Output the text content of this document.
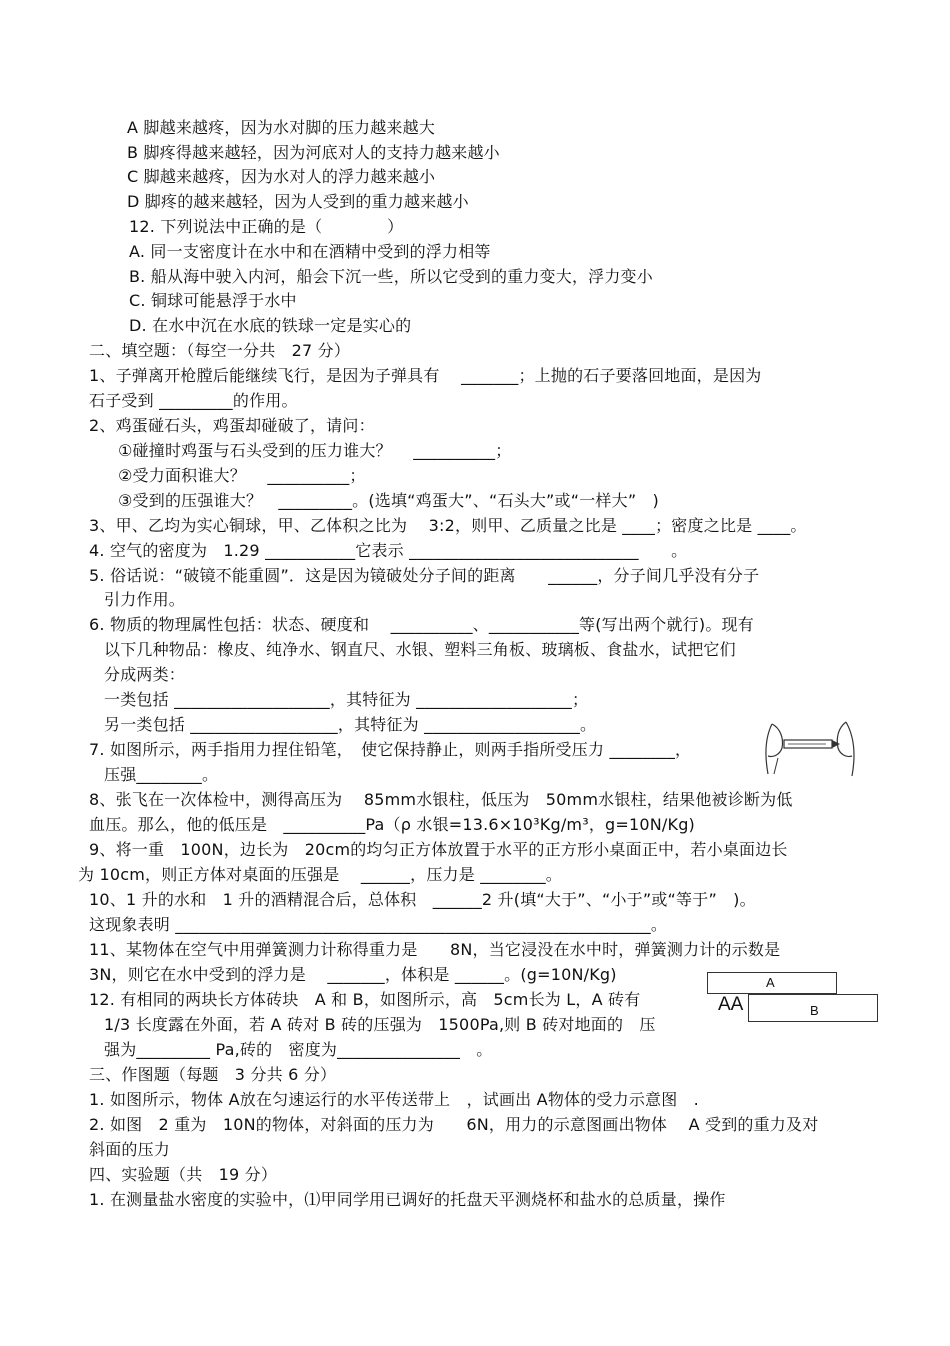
A 脚越来越疼，因为水对脚的压力越来越大
B 脚疼得越来越轻，因为河底对人的支持力越来越小
C 脚越来越疼，因为水对人的浮力越来越小
D 脚疼的越来越轻，因为人受到的重力越来越小
12. 下列说法中正确的是（　　　　）
A. 同一支密度计在水中和在酒精中受到的浮力相等
B. 船从海中驶入内河，船会下沉一些，所以它受到的重力变大，浮力变小
C. 铜球可能悬浮于水中
D. 在水中沉在水底的铁球一定是实心的
二、填空题：（每空一分共　27 分）
1、子弹离开枪膛后能继续飞行，是因为子弹具有　 _______；上抛的石子要落回地面，是因为
石子受到 _________的作用。
2、鸡蛋碰石头，鸡蛋却碰破了，请问：
①碰撞时鸡蛋与石头受到的压力谁大？　 __________；
②受力面积谁大？　 __________；
③受到的压强谁大？　_________。(选填“鸡蛋大”、“石头大”或“一样大”　)
3、甲、乙均为实心铜球，甲、乙体积之比为　 3:2，则甲、乙质量之比是 ____；密度之比是 ____。
4. 空气的密度为　1.29 ___________它表示 ____________________________　　。
5. 俗话说：“破镜不能重圆”．这是因为镜破处分子间的距离　　______，分子间几乎没有分子
引力作用。
6. 物质的物理属性包括：状态、硬度和　 __________、___________等(写出两个就行)。现有
以下几种物品：橡皮、纯净水、钢直尺、水银、塑料三角板、玻璃板、食盐水，试把它们
分成两类：
一类包括 ___________________，其特征为 ___________________；
另一类包括 __________________，其特征为 ___________________。
7. 如图所示，两手指用力捏住铅笔，　使它保持静止，则两手指所受压力 ________，
压强________。
8、张飞在一次体检中，测得高压为　 85mm水银柱，低压为　50mm水银柱，结果他被诊断为低
血压。那么，他的低压是　__________Pa（ρ 水银=13.6×10³Kg/m³，g=10N/Kg)
9、将一重　100N，边长为　20cm的均匀正方体放置于水平的正方形小桌面正中，若小桌面边长
为 10cm，则正方体对桌面的压强是　 ______，压力是 ________。
10、1 升的水和　1 升的酒精混合后，总体积　______2 升(填“大于”、“小于”或“等于”　)。
这现象表明 __________________________________________________________。
11、某物体在空气中用弹簧测力计称得重力是　　8N，当它浸没在水中时，弹簧测力计的示数是
3N，则它在水中受到的浮力是　 _______，体积是 ______。(g=10N/Kg)
12. 有相同的两块长方体砖块　A 和 B，如图所示，高　5cm长为 L，A 砖有
1/3 长度露在外面，若 A 砖对 B 砖的压强为　1500Pa,则 B 砖对地面的　压
强为_________ Pa,砖的　密度为_______________　。
A
B
AA
三、作图题（每题　3 分共 6 分）
1. 如图所示，物体 A放在匀速运行的水平传送带上　，试画出 A物体的受力示意图　.
2. 如图　2 重为　10N的物体，对斜面的压力为　　6N，用力的示意图画出物体　 A 受到的重力及对
斜面的压力
四、实验题（共　19 分）
1. 在测量盐水密度的实验中，⑴甲同学用已调好的托盘天平测烧杯和盐水的总质量，操作
